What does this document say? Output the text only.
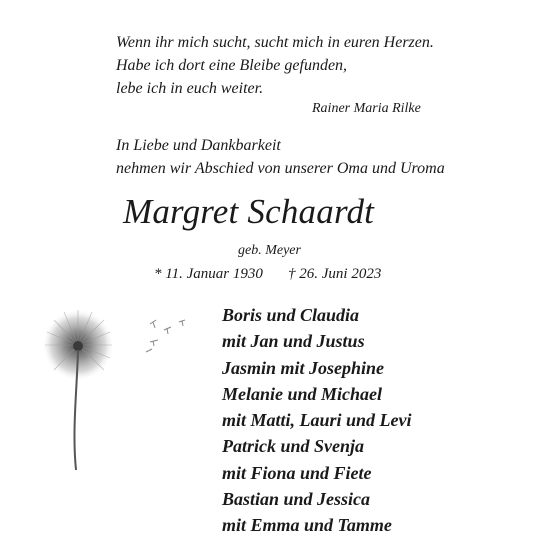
Wenn ihr mich sucht, sucht mich in euren Herzen.
Habe ich dort eine Bleibe gefunden,
lebe ich in euch weiter.
Rainer Maria Rilke
In Liebe und Dankbarkeit
nehmen wir Abschied von unserer Oma und Uroma
Margret Schaardt
geb. Meyer
* 11. Januar 1930 † 26. Juni 2023
Boris und Claudia
mit Jan und Justus
Jasmin mit Josephine
Melanie und Michael
mit Matti, Lauri und Levi
Patrick und Svenja
mit Fiona und Fiete
Bastian und Jessica
mit Emma und Tamme
